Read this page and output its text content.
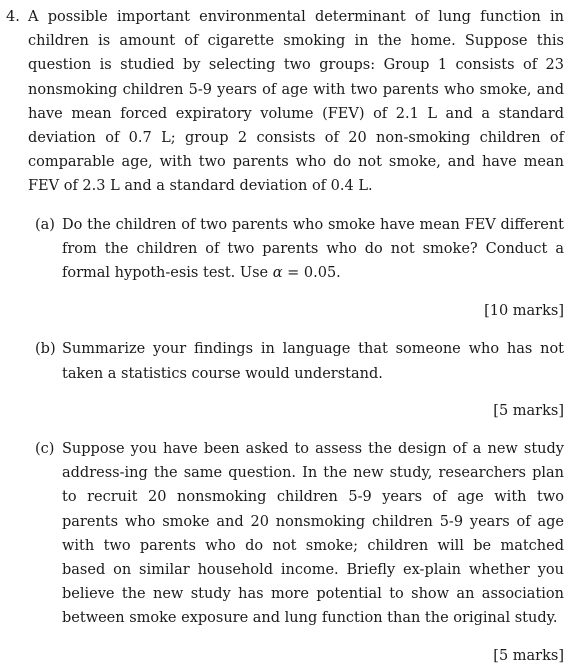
4. A possible important environmental determinant of lung function in children is amount of cigarette smoking in the home. Suppose this question is studied by selecting two groups: Group 1 consists of 23 nonsmoking children 5-9 years of age with two parents who smoke, and have mean forced expiratory volume (FEV) of 2.1 L and a standard deviation of 0.7 L; group 2 consists of 20 non-smoking children of comparable age, with two parents who do not smoke, and have mean FEV of 2.3 L and a standard deviation of 0.4 L.
(a) Do the children of two parents who smoke have mean FEV different from the children of two parents who do not smoke? Conduct a formal hypoth-esis test. Use α = 0.05.
[10 marks]
(b) Summarize your findings in language that someone who has not taken a statistics course would understand.
[5 marks]
(c) Suppose you have been asked to assess the design of a new study address-ing the same question. In the new study, researchers plan to recruit 20 nonsmoking children 5-9 years of age with two parents who smoke and 20 nonsmoking children 5-9 years of age with two parents who do not smoke; children will be matched based on similar household income. Briefly ex-plain whether you believe the new study has more potential to show an association between smoke exposure and lung function than the original study.
[5 marks]
